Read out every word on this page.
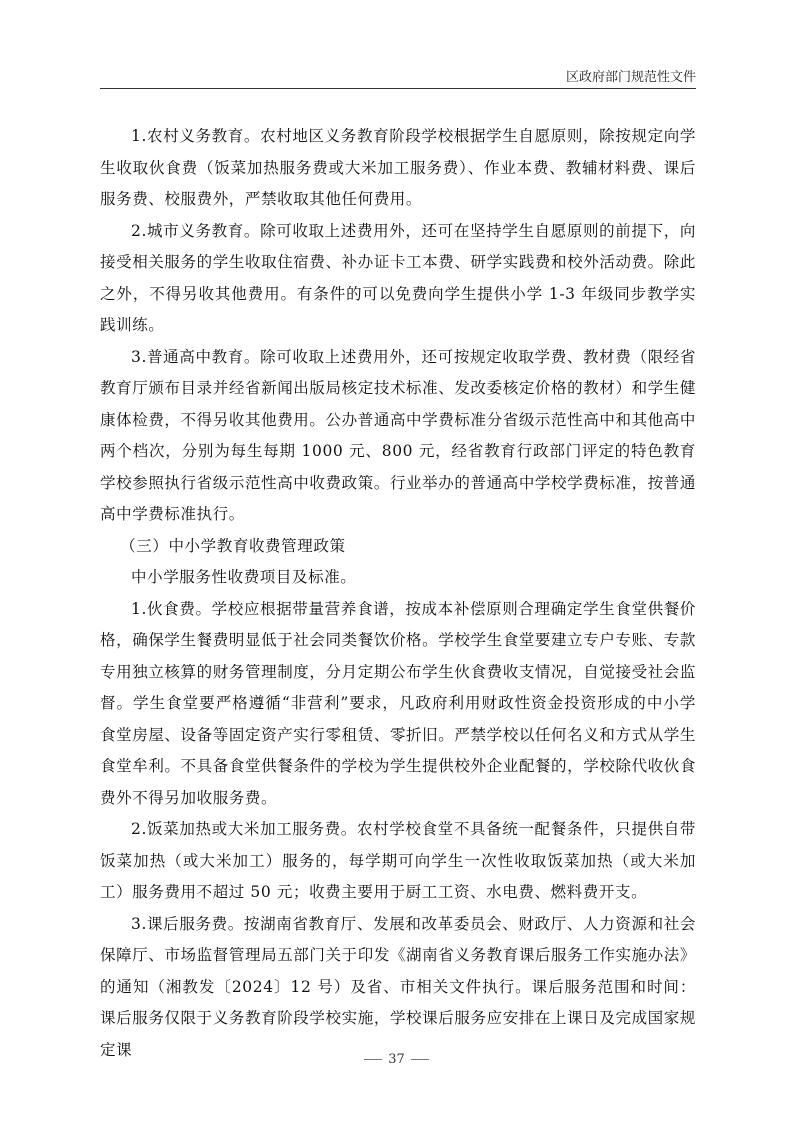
区政府部门规范性文件

1.农村义务教育。农村地区义务教育阶段学校根据学生自愿原则，除按规定向学生收取伙食费（饭菜加热服务费或大米加工服务费）、作业本费、教辅材料费、课后服务费、校服费外，严禁收取其他任何费用。

2.城市义务教育。除可收取上述费用外，还可在坚持学生自愿原则的前提下，向接受相关服务的学生收取住宿费、补办证卡工本费、研学实践费和校外活动费。除此之外，不得另收其他费用。有条件的可以免费向学生提供小学 1-3 年级同步教学实践训练。

3.普通高中教育。除可收取上述费用外，还可按规定收取学费、教材费（限经省教育厅颁布目录并经省新闻出版局核定技术标准、发改委核定价格的教材）和学生健康体检费，不得另收其他费用。公办普通高中学费标准分省级示范性高中和其他高中两个档次，分别为每生每期 1000 元、800 元，经省教育行政部门评定的特色教育学校参照执行省级示范性高中收费政策。行业举办的普通高中学校学费标准，按普通高中学费标准执行。

（三）中小学教育收费管理政策

中小学服务性收费项目及标准。

1.伙食费。学校应根据带量营养食谱，按成本补偿原则合理确定学生食堂供餐价格，确保学生餐费明显低于社会同类餐饮价格。学校学生食堂要建立专户专账、专款专用独立核算的财务管理制度，分月定期公布学生伙食费收支情况，自觉接受社会监督。学生食堂要严格遵循“非营利”要求，凡政府利用财政性资金投资形成的中小学食堂房屋、设备等固定资产实行零租赁、零折旧。严禁学校以任何名义和方式从学生食堂牟利。不具备食堂供餐条件的学校为学生提供校外企业配餐的，学校除代收伙食费外不得另加收服务费。

2.饭菜加热或大米加工服务费。农村学校食堂不具备统一配餐条件，只提供自带饭菜加热（或大米加工）服务的，每学期可向学生一次性收取饭菜加热（或大米加工）服务费用不超过 50 元；收费主要用于厨工工资、水电费、燃料费开支。

3.课后服务费。按湖南省教育厅、发展和改革委员会、财政厅、人力资源和社会保障厅、市场监督管理局五部门关于印发《湖南省义务教育课后服务工作实施办法》的通知（湘教发〔2024〕12 号）及省、市相关文件执行。课后服务范围和时间：课后服务仅限于义务教育阶段学校实施，学校课后服务应安排在上课日及完成国家规定课

37
